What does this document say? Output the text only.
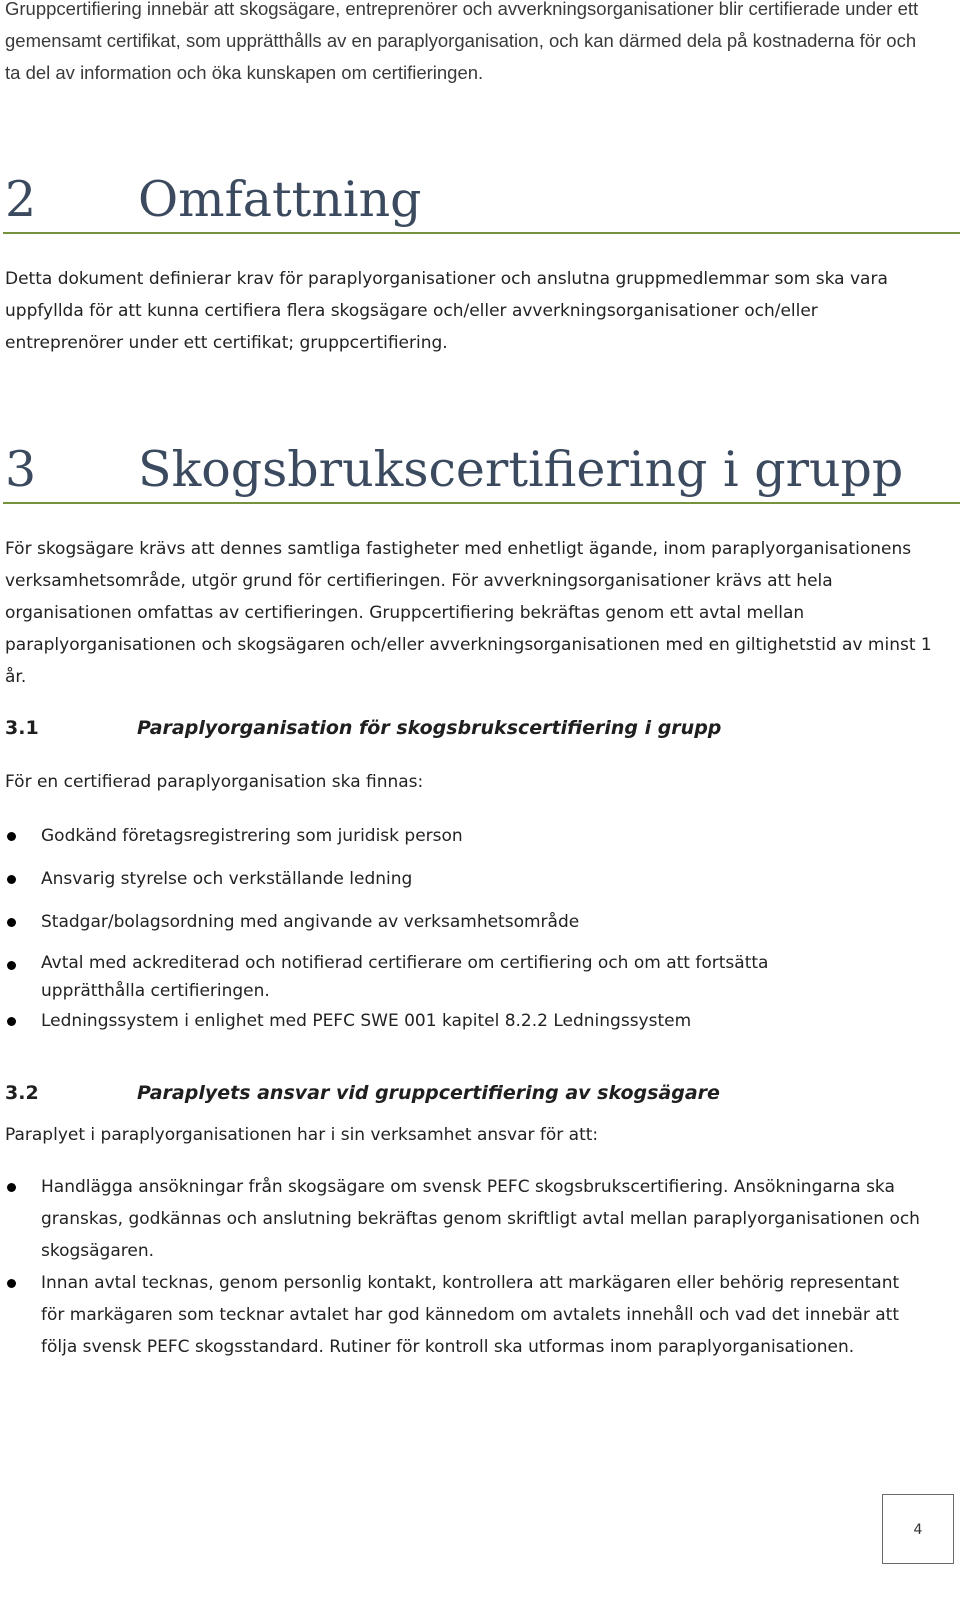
Gruppcertifiering innebär att skogsägare, entreprenörer och avverkningsorganisationer blir certifierade under ett gemensamt certifikat, som upprätthålls av en paraplyorganisation, och kan därmed dela på kostnaderna för och ta del av information och öka kunskapen om certifieringen.
2 Omfattning
Detta dokument definierar krav för paraplyorganisationer och anslutna gruppmedlemmar som ska vara uppfyllda för att kunna certifiera flera skogsägare och/eller avverkningsorganisationer och/eller entreprenörer under ett certifikat; gruppcertifiering.
3 Skogsbrukscertifiering i grupp
För skogsägare krävs att dennes samtliga fastigheter med enhetligt ägande, inom paraplyorganisationens verksamhetsområde, utgör grund för certifieringen. För avverkningsorganisationer krävs att hela organisationen omfattas av certifieringen. Gruppcertifiering bekräftas genom ett avtal mellan paraplyorganisationen och skogsägaren och/eller avverkningsorganisationen med en giltighetstid av minst 1 år.
3.1	Paraplyorganisation för skogsbrukscertifiering i grupp
För en certifierad paraplyorganisation ska finnas:
Godkänd företagsregistrering som juridisk person
Ansvarig styrelse och verkställande ledning
Stadgar/bolagsordning med angivande av verksamhetsområde
Avtal med ackrediterad och notifierad certifierare om certifiering och om att fortsätta upprätthålla certifieringen.
Ledningssystem i enlighet med PEFC SWE 001 kapitel 8.2.2 Ledningssystem
3.2	Paraplyets ansvar vid gruppcertifiering av skogsägare
Paraplyet i paraplyorganisationen har i sin verksamhet ansvar för att:
Handlägga ansökningar från skogsägare om svensk PEFC skogsbrukscertifiering. Ansökningarna ska granskas, godkännas och anslutning bekräftas genom skriftligt avtal mellan paraplyorganisationen och skogsägaren.
Innan avtal tecknas, genom personlig kontakt, kontrollera att markägaren eller behörig representant för markägaren som tecknar avtalet har god kännedom om avtalets innehåll och vad det innebär att följa svensk PEFC skogsstandard. Rutiner för kontroll ska utformas inom paraplyorganisationen.
4
